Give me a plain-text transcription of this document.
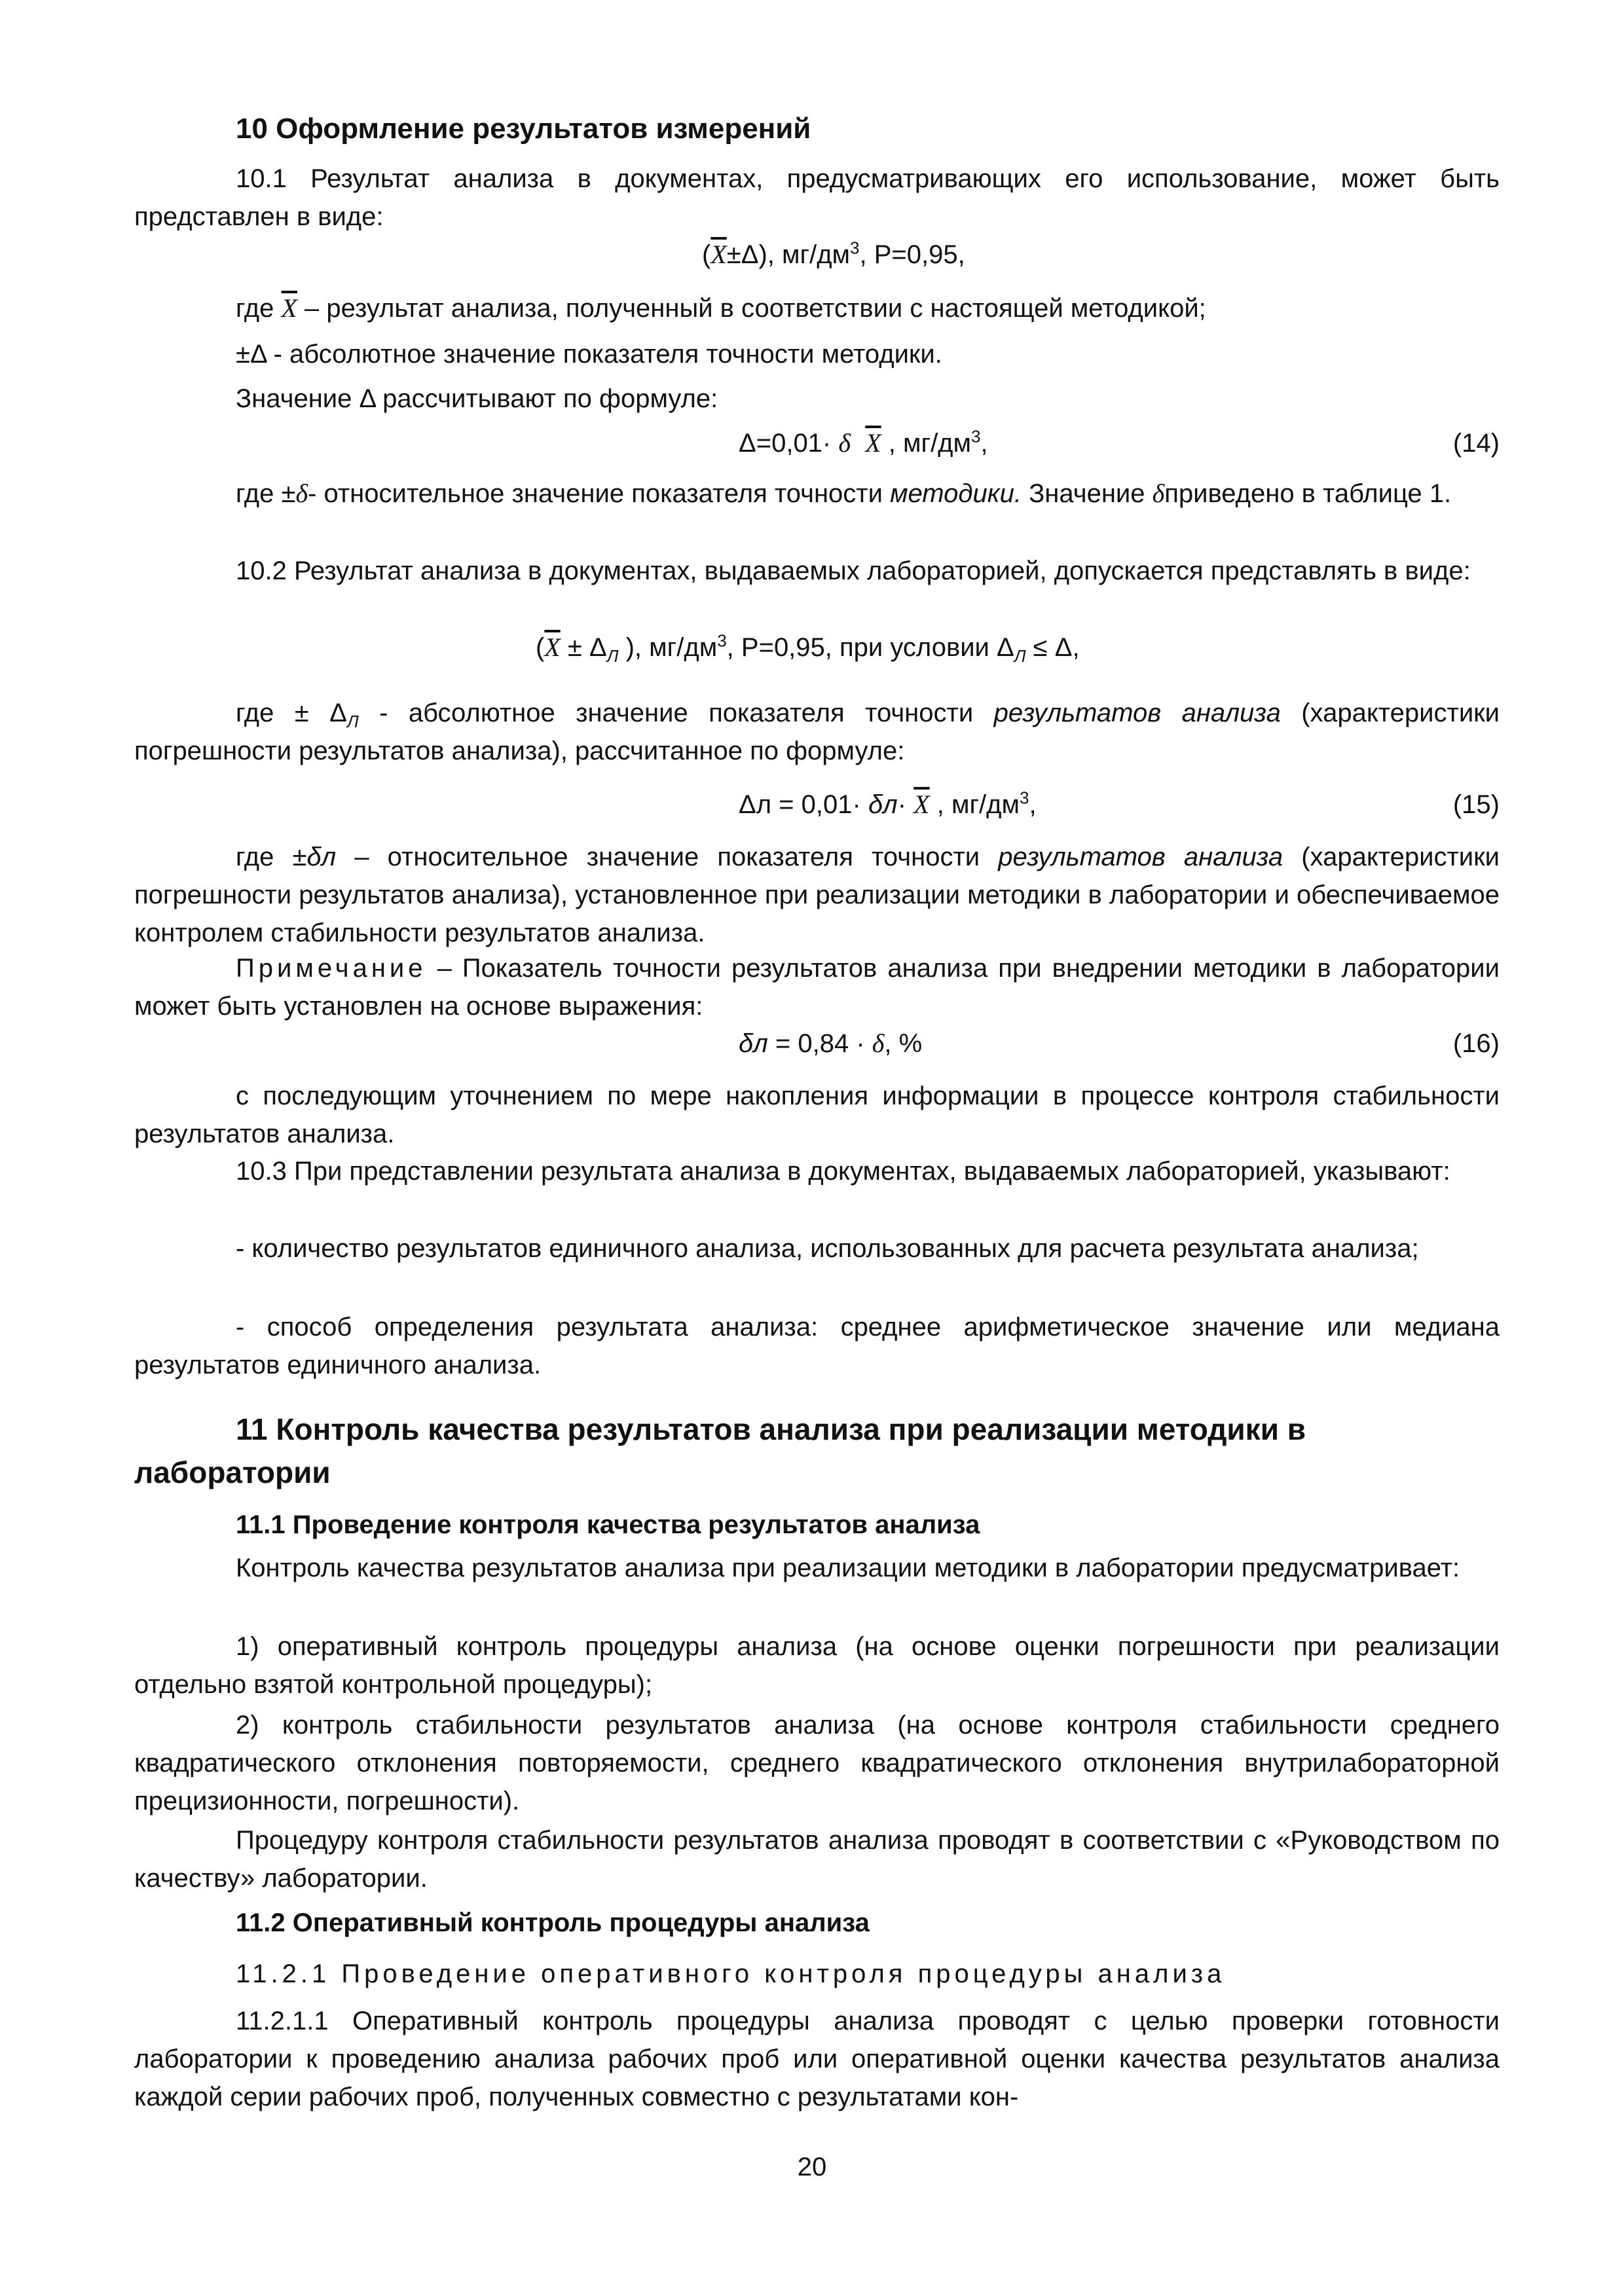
10 Оформление результатов измерений

10.1 Результат анализа в документах, предусматривающих его использование, может быть представлен в виде:

$(\overline{X}\pm\Delta)$, $мг/дм^3$, Р=0,95,
где $\overline{X}$ – результат анализа, полученный в соответствии с настоящей методикой;
±Δ - абсолютное значение показателя точности методики.
Значение Δ рассчитывают по формуле:
Δ=0,01· δ $\overline{X}$ , $мг/дм^3$,	(14)

где ±δ- относительное значение показателя точности методики. Значение δприведено в таблице 1.

10.2 Результат анализа в документах, выдаваемых лабораторией, допускается представлять в виде:

($\overline{X} \pm \Delta_Л$ ), $мг/дм^3$, Р=0,95, при условии $\Delta_Л \le \Delta$,

где ± $\Delta_Л$ - абсолютное значение показателя точности результатов анализа (характеристики погрешности результатов анализа), рассчитанное по формуле:

$\Delta л = 0,01\cdot \delta л\cdot \overline{X}$ , $мг/дм^3$,	(15)

где ±δл – относительное значение показателя точности результатов анализа (характеристики погрешности результатов анализа), установленное при реализации методики в лаборатории и обеспечиваемое контролем стабильности результатов анализа.

Примечание – Показатель точности результатов анализа при внедрении методики в лаборатории может быть установлен на основе выражения:

δл = 0,84 · δ, %	(16)

с последующим уточнением по мере накопления информации в процессе контроля стабильности результатов анализа.

10.3 При представлении результата анализа в документах, выдаваемых лабораторией, указывают:

- количество результатов единичного анализа, использованных для расчета результата анализа;

- способ определения результата анализа: среднее арифметическое значение или медиана результатов единичного анализа.

11 Контроль качества результатов анализа при реализации методики в лаборатории

11.1 Проведение контроля качества результатов анализа

Контроль качества результатов анализа при реализации методики в лаборатории предусматривает:

1) оперативный контроль процедуры анализа (на основе оценки погрешности при реализации отдельно взятой контрольной процедуры);

2) контроль стабильности результатов анализа (на основе контроля стабильности среднего квадратического отклонения повторяемости, среднего квадратического отклонения внутрилабораторной прецизионности, погрешности).

Процедуру контроля стабильности результатов анализа проводят в соответствии с «Руководством по качеству» лаборатории.

11.2 Оперативный контроль процедуры анализа
11.2.1 Проведение оперативного контроля процедуры анализа

11.2.1.1 Оперативный контроль процедуры анализа проводят с целью проверки готовности лаборатории к проведению анализа рабочих проб или оперативной оценки качества результатов анализа каждой серии рабочих проб, полученных совместно с результатами кон-

20
